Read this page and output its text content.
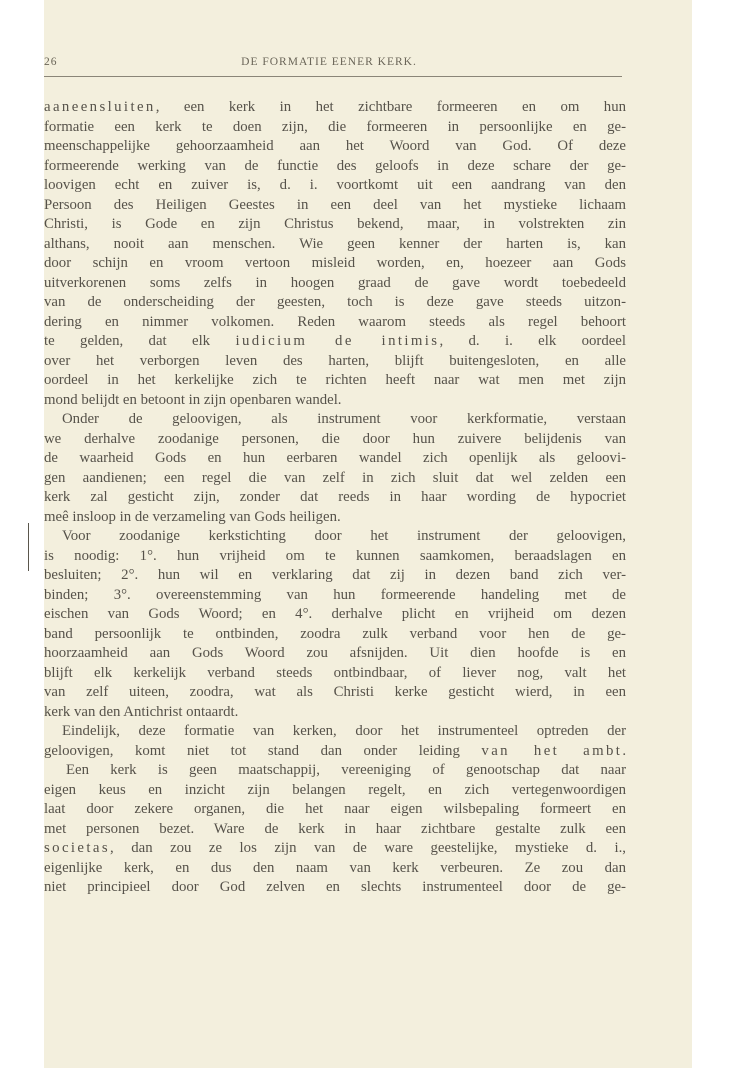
26	DE FORMATIE EENER KERK.
aaneensluiten, een kerk in het zichtbare formeeren en om hun
formatie een kerk te doen zijn, die formeeren in persoonlijke en ge-
meenschappelijke gehoorzaamheid aan het Woord van God. Of deze
formeerende werking van de functie des geloofs in deze schare der ge-
loovigen echt en zuiver is, d. i. voortkomt uit een aandrang van den
Persoon des Heiligen Geestes in een deel van het mystieke lichaam
Christi, is Gode en zijn Christus bekend, maar, in volstrekten zin
althans, nooit aan menschen. Wie geen kenner der harten is, kan
door schijn en vroom vertoon misleid worden, en, hoezeer aan Gods
uitverkorenen soms zelfs in hoogen graad de gave wordt toebedeeld
van de onderscheiding der geesten, toch is deze gave steeds uitzon-
dering en nimmer volkomen. Reden waarom steeds als regel behoort
te gelden, dat elk iudicium de intimis, d. i. elk oordeel
over het verborgen leven des harten, blijft buitengesloten, en alle
oordeel in het kerkelijke zich te richten heeft naar wat men met zijn
mond belijdt en betoont in zijn openbaren wandel.
Onder de geloovigen, als instrument voor kerkformatie, verstaan
we derhalve zoodanige personen, die door hun zuivere belijdenis van
de waarheid Gods en hun eerbaren wandel zich openlijk als geloovi-
gen aandienen; een regel die van zelf in zich sluit dat wel zelden een
kerk zal gesticht zijn, zonder dat reeds in haar wording de hypocriet
meê insloop in de verzameling van Gods heiligen.
Voor zoodanige kerkstichting door het instrument der geloovigen,
is noodig: 1°. hun vrijheid om te kunnen saamkomen, beraadslagen en
besluiten; 2°. hun wil en verklaring dat zij in dezen band zich ver-
binden; 3°. overeenstemming van hun formeerende handeling met de
eischen van Gods Woord; en 4°. derhalve plicht en vrijheid om dezen
band persoonlijk te ontbinden, zoodra zulk verband voor hen de ge-
hoorzaamheid aan Gods Woord zou afsnijden. Uit dien hoofde is en
blijft elk kerkelijk verband steeds ontbindbaar, of liever nog, valt het
van zelf uiteen, zoodra, wat als Christi kerke gesticht wierd, in een
kerk van den Antichrist ontaardt.
Eindelijk, deze formatie van kerken, door het instrumenteel optreden der
geloovigen, komt niet tot stand dan onder leiding van het ambt.
Een kerk is geen maatschappij, vereeniging of genootschap dat naar
eigen keus en inzicht zijn belangen regelt, en zich vertegenwoordigen
laat door zekere organen, die het naar eigen wilsbepaling formeert en
met personen bezet. Ware de kerk in haar zichtbare gestalte zulk een
societas, dan zou ze los zijn van de ware geestelijke, mystieke d. i.,
eigenlijke kerk, en dus den naam van kerk verbeuren. Ze zou dan
niet principieel door God zelven en slechts instrumenteel door de ge-
